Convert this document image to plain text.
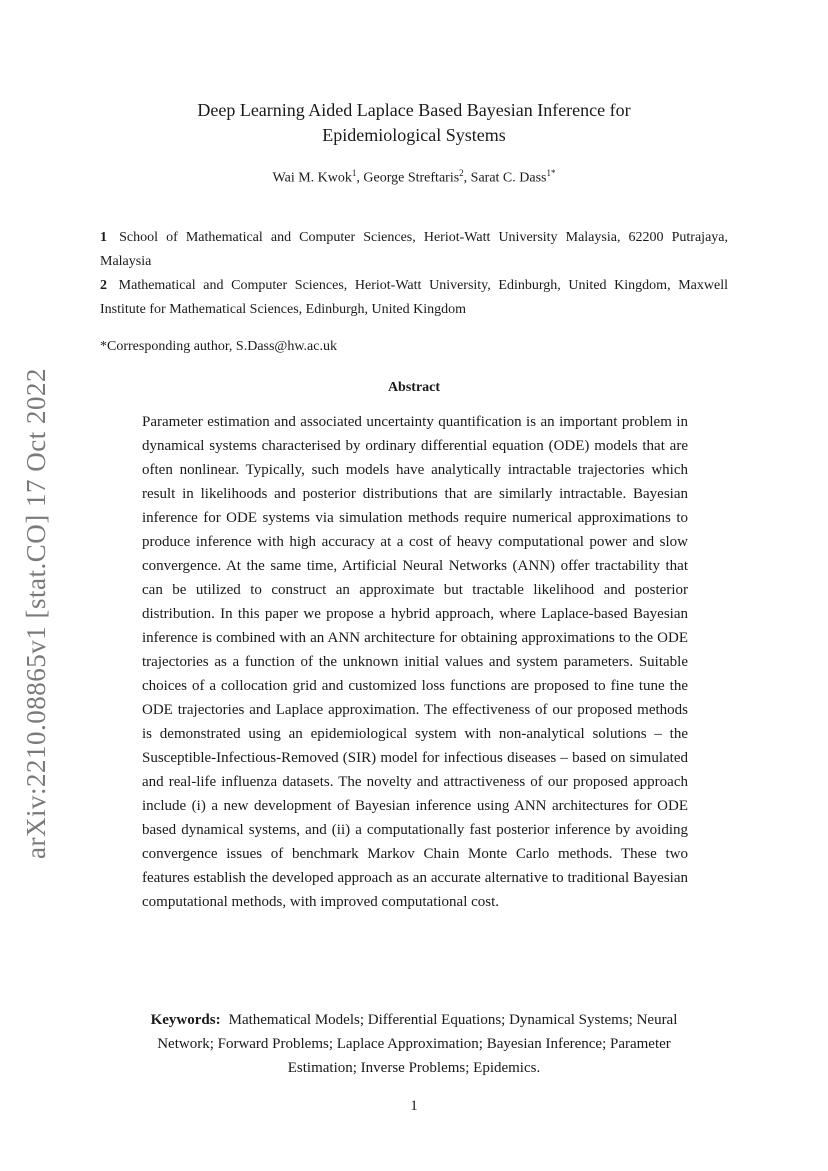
arXiv:2210.08865v1 [stat.CO] 17 Oct 2022
Deep Learning Aided Laplace Based Bayesian Inference for
Epidemiological Systems
Wai M. Kwok$^1$, George Streftaris$^2$, Sarat C. Dass$^{1*}$
1 School of Mathematical and Computer Sciences, Heriot-Watt University Malaysia, 62200 Putrajaya, Malaysia
2 Mathematical and Computer Sciences, Heriot-Watt University, Edinburgh, United Kingdom, Maxwell Institute for Mathematical Sciences, Edinburgh, United Kingdom
*Corresponding author, S.Dass@hw.ac.uk
Abstract
Parameter estimation and associated uncertainty quantification is an important problem in dynamical systems characterised by ordinary differential equation (ODE) models that are often nonlinear. Typically, such models have analytically intractable trajectories which result in likelihoods and posterior distributions that are similarly intractable. Bayesian inference for ODE systems via simulation methods require numerical approximations to produce inference with high accuracy at a cost of heavy computational power and slow convergence. At the same time, Artificial Neural Networks (ANN) offer tractability that can be utilized to construct an approximate but tractable likelihood and posterior distribution. In this paper we propose a hybrid approach, where Laplace-based Bayesian inference is combined with an ANN architecture for obtaining approximations to the ODE trajectories as a function of the unknown initial values and system parameters. Suitable choices of a collocation grid and customized loss functions are proposed to fine tune the ODE trajectories and Laplace approximation. The effectiveness of our proposed methods is demonstrated using an epidemiological system with non-analytical solutions – the Susceptible-Infectious-Removed (SIR) model for infectious diseases – based on simulated and real-life influenza datasets. The novelty and attractiveness of our proposed approach include (i) a new development of Bayesian inference using ANN architectures for ODE based dynamical systems, and (ii) a computationally fast posterior inference by avoiding convergence issues of benchmark Markov Chain Monte Carlo methods. These two features establish the developed approach as an accurate alternative to traditional Bayesian computational methods, with improved computational cost.
Keywords: Mathematical Models; Differential Equations; Dynamical Systems; Neural Network; Forward Problems; Laplace Approximation; Bayesian Inference; Parameter Estimation; Inverse Problems; Epidemics.
1
